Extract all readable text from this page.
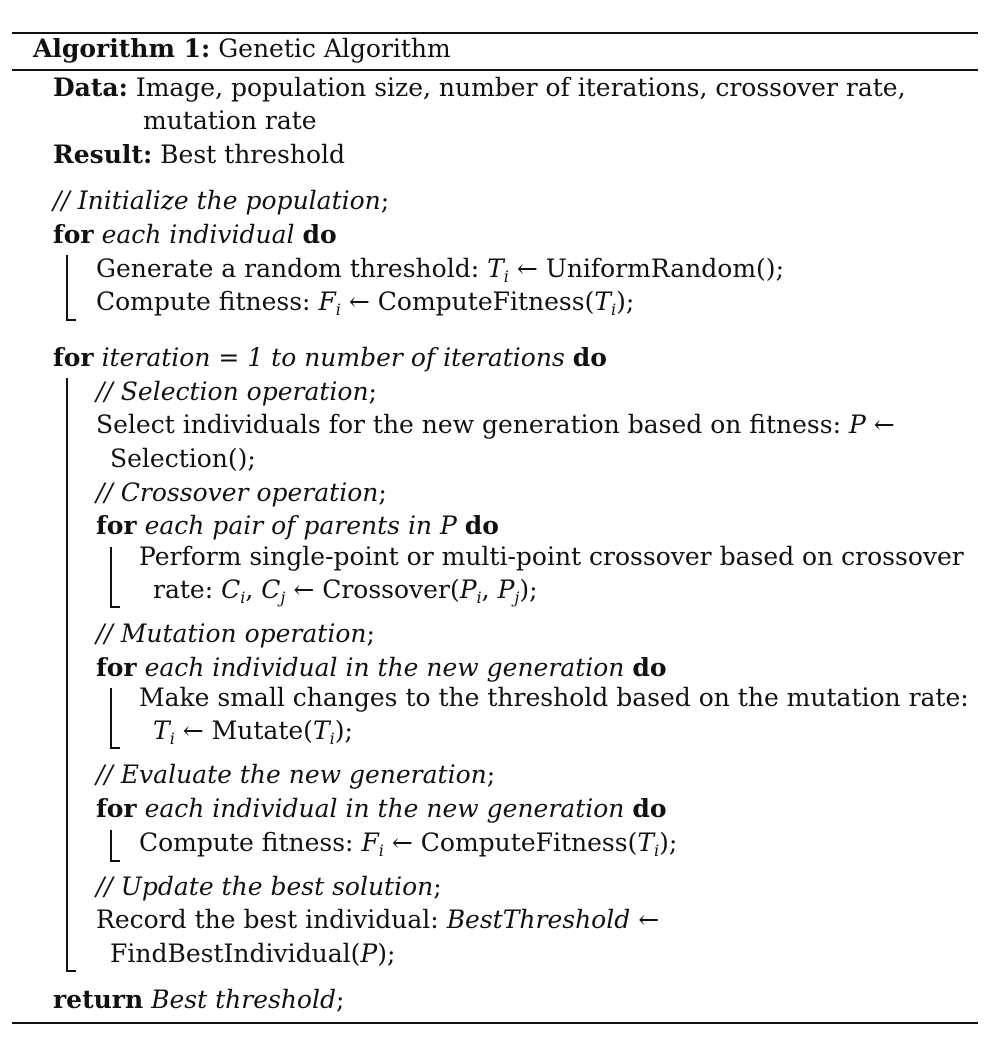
Algorithm 1: Genetic Algorithm
Data: Image, population size, number of iterations, crossover rate,
mutation rate
Result: Best threshold
// Initialize the population;
for each individual do
Generate a random threshold: $T_i$ ← UniformRandom();
Compute fitness: $F_i$ ← $ComputeFitness(T_i)$;
for iteration = 1 to number of iterations do
// Selection operation;
Select individuals for the new generation based on fitness: P ←
Selection();
// Crossover operation;
for each pair of parents in P do
Perform single-point or multi-point crossover based on crossover
rate: $C_i$, $C_j$ ← $Crossover(P_i$, $P_j$);
// Mutation operation;
for each individual in the new generation do
Make small changes to the threshold based on the mutation rate:
$T_i$ ← $Mutate(T_i)$;
// Evaluate the new generation;
for each individual in the new generation do
Compute fitness: $F_i$ ← $ComputeFitness(T_i)$;
// Update the best solution;
Record the best individual: BestThreshold ←
FindBestIndividual(P);
return Best threshold;
